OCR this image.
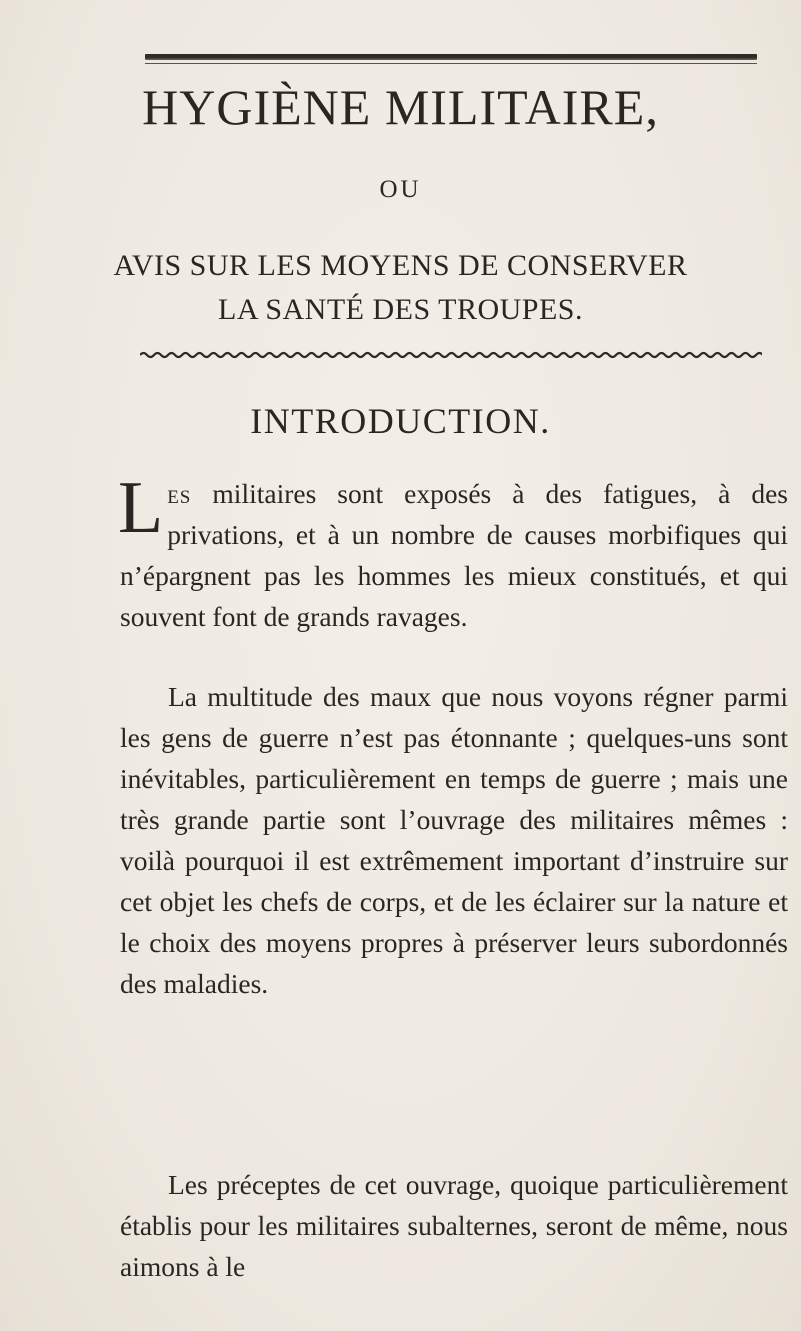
HYGIÈNE MILITAIRE,

OU

AVIS SUR LES MOYENS DE CONSERVER
LA SANTÉ DES TROUPES.

INTRODUCTION.

Les militaires sont exposés à des fatigues, à des privations, et à un nombre de causes morbifiques qui n’épargnent pas les hommes les mieux constitués, et qui souvent font de grands ravages.

La multitude des maux que nous voyons régner parmi les gens de guerre n’est pas étonnante ; quelques-uns sont inévitables, particulièrement en temps de guerre ; mais une très grande partie sont l’ouvrage des militaires mêmes : voilà pourquoi il est extrêmement important d’instruire sur cet objet les chefs de corps, et de les éclairer sur la nature et le choix des moyens propres à préserver leurs subordonnés des maladies.

Les préceptes de cet ouvrage, quoique particulièrement établis pour les militaires subalternes, seront de même, nous aimons à le
